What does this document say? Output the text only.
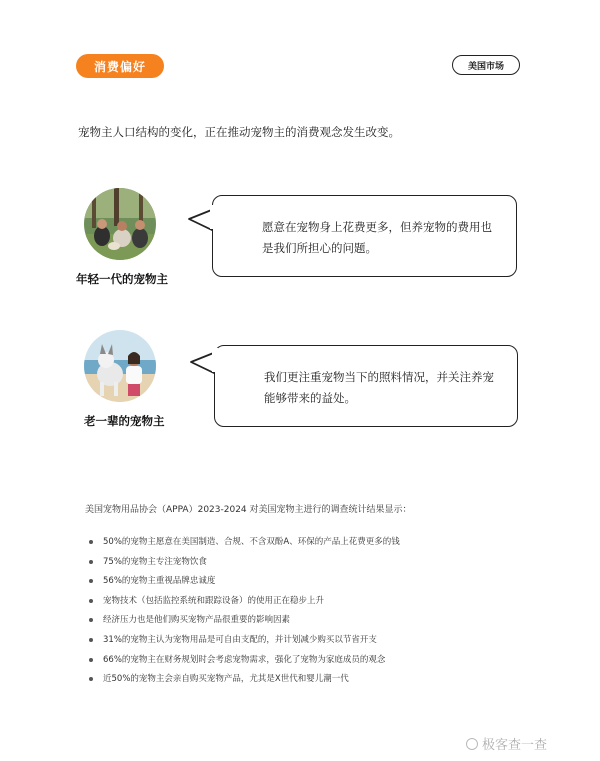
消费偏好	美国市场
宠物主人口结构的变化，正在推动宠物主的消费观念发生改变。
年轻一代的宠物主
愿意在宠物身上花费更多，但养宠物的费用也是我们所担心的问题。
老一辈的宠物主
我们更注重宠物当下的照料情况，并关注养宠能够带来的益处。
美国宠物用品协会（APPA）2023-2024 对美国宠物主进行的调查统计结果显示：
50%的宠物主愿意在美国制造、合规、不含双酚A、环保的产品上花费更多的钱
75%的宠物主专注宠物饮食
56%的宠物主重视品牌忠诚度
宠物技术（包括监控系统和跟踪设备）的使用正在稳步上升
经济压力也是他们购买宠物产品很重要的影响因素
31%的宠物主认为宠物用品是可自由支配的，并计划减少购买以节省开支
66%的宠物主在财务规划时会考虑宠物需求，强化了宠物为家庭成员的观念
近50%的宠物主会亲自购买宠物产品，尤其是X世代和婴儿潮一代
极客查一查
